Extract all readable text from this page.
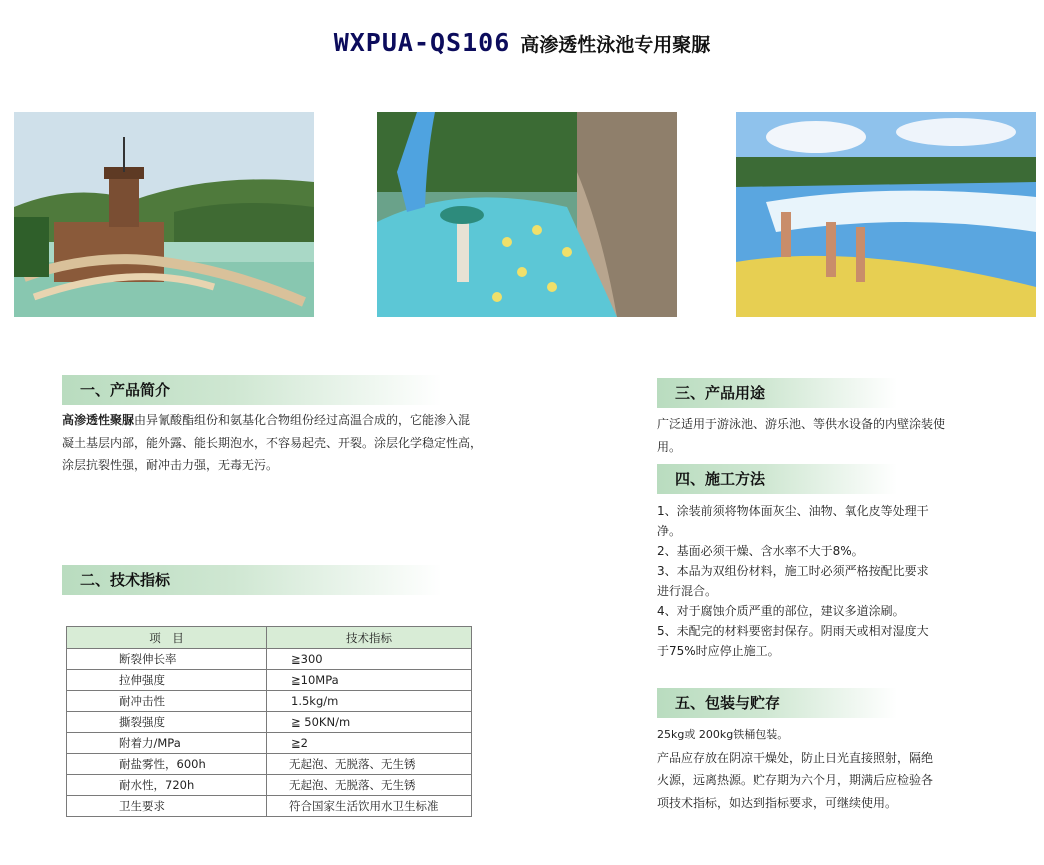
WXPUA-QS106 高渗透性泳池专用聚脲
一、产品简介
高渗透性聚脲由异氰酸酯组份和氨基化合物组份经过高温合成的，它能渗入混凝土基层内部，能外露、能长期泡水，不容易起壳、开裂。涂层化学稳定性高，涂层抗裂性强，耐冲击力强，无毒无污。
二、技术指标
项　目	技术指标
断裂伸长率	≧300
拉伸强度	≧10MPa
耐冲击性	1.5kg/m
撕裂强度	≧ 50KN/m
附着力/MPa	≧2
耐盐雾性，600h	无起泡、无脱落、无生锈
耐水性，720h	无起泡、无脱落、无生锈
卫生要求	符合国家生活饮用水卫生标准
三、产品用途
广泛适用于游泳池、游乐池、等供水设备的内壁涂装使用。
四、施工方法
1、涂装前须将物体面灰尘、油物、氧化皮等处理干净。
2、基面必须干燥、含水率不大于8%。
3、本品为双组份材料，施工时必须严格按配比要求进行混合。
4、对于腐蚀介质严重的部位，建议多道涂刷。
5、未配完的材料要密封保存。阴雨天或相对湿度大于75%时应停止施工。
五、包装与贮存
25kg或 200kg铁桶包装。
产品应存放在阴凉干燥处，防止日光直接照射，隔绝火源，远离热源。贮存期为六个月，期满后应检验各项技术指标，如达到指标要求，可继续使用。
